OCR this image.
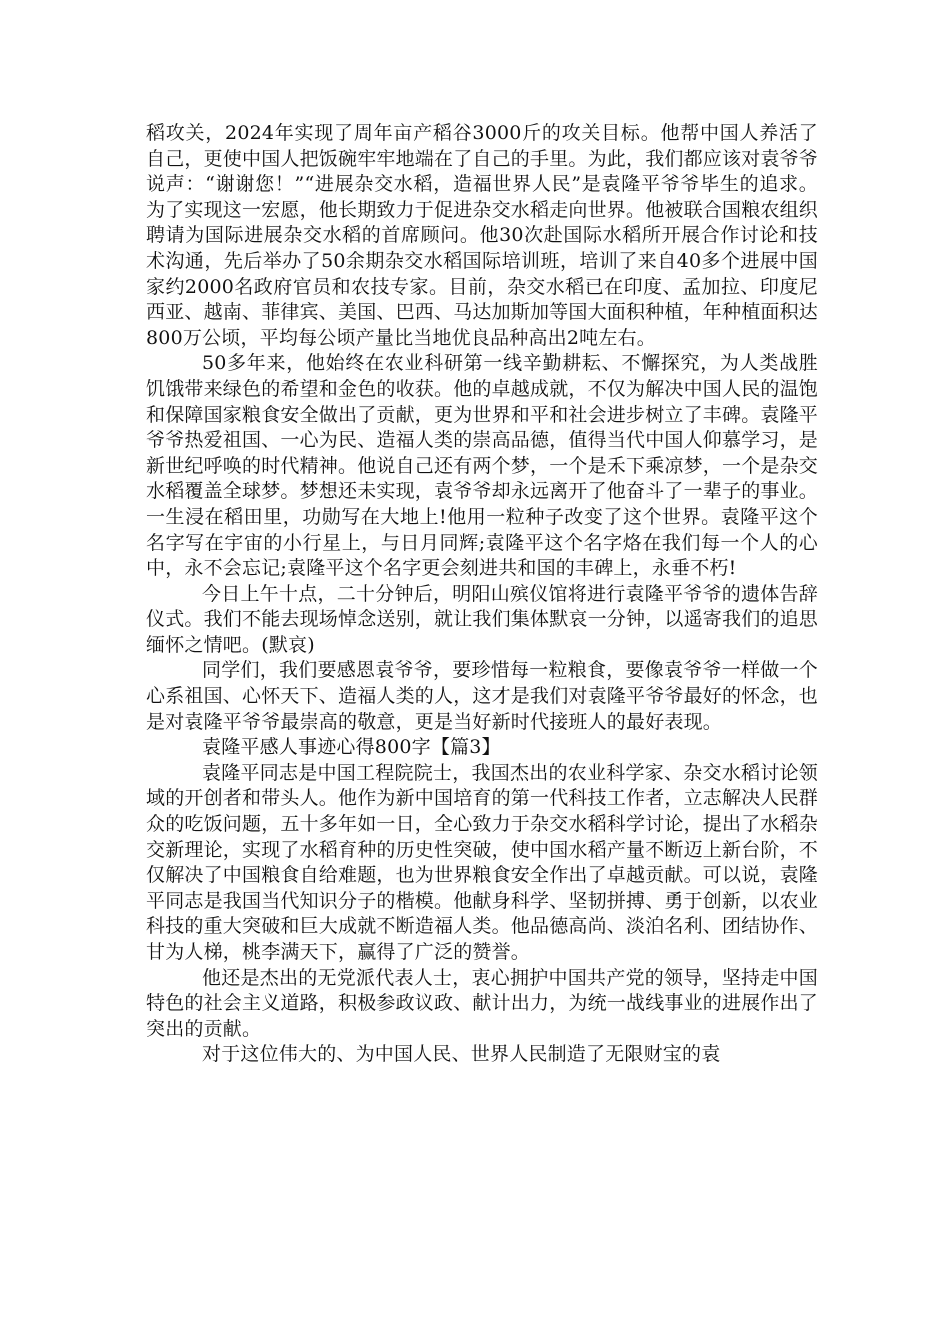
稻攻关，2024年实现了周年亩产稻谷3000斤的攻关目标。他帮中国人养活了自己，更使中国人把饭碗牢牢地端在了自己的手里。为此，我们都应该对袁爷爷说声：“谢谢您！”“进展杂交水稻，造福世界人民”是袁隆平爷爷毕生的追求。为了实现这一宏愿，他长期致力于促进杂交水稻走向世界。他被联合国粮农组织聘请为国际进展杂交水稻的首席顾问。他30次赴国际水稻所开展合作讨论和技术沟通，先后举办了50余期杂交水稻国际培训班，培训了来自40多个进展中国家约2000名政府官员和农技专家。目前，杂交水稻已在印度、孟加拉、印度尼西亚、越南、菲律宾、美国、巴西、马达加斯加等国大面积种植，年种植面积达800万公顷，平均每公顷产量比当地优良品种高出2吨左右。

50多年来，他始终在农业科研第一线辛勤耕耘、不懈探究，为人类战胜饥饿带来绿色的希望和金色的收获。他的卓越成就，不仅为解决中国人民的温饱和保障国家粮食安全做出了贡献，更为世界和平和社会进步树立了丰碑。袁隆平爷爷热爱祖国、一心为民、造福人类的崇高品德，值得当代中国人仰慕学习，是新世纪呼唤的时代精神。他说自己还有两个梦，一个是禾下乘凉梦，一个是杂交水稻覆盖全球梦。梦想还未实现，袁爷爷却永远离开了他奋斗了一辈子的事业。一生浸在稻田里，功勋写在大地上!他用一粒种子改变了这个世界。袁隆平这个名字写在宇宙的小行星上，与日月同辉;袁隆平这个名字烙在我们每一个人的心中，永不会忘记;袁隆平这个名字更会刻进共和国的丰碑上，永垂不朽!

今日上午十点，二十分钟后，明阳山殡仪馆将进行袁隆平爷爷的遗体告辞仪式。我们不能去现场悼念送别，就让我们集体默哀一分钟，以遥寄我们的追思缅怀之情吧。(默哀)

同学们，我们要感恩袁爷爷，要珍惜每一粒粮食，要像袁爷爷一样做一个心系祖国、心怀天下、造福人类的人，这才是我们对袁隆平爷爷最好的怀念，也是对袁隆平爷爷最崇高的敬意，更是当好新时代接班人的最好表现。

袁隆平感人事迹心得800字【篇3】

袁隆平同志是中国工程院院士，我国杰出的农业科学家、杂交水稻讨论领域的开创者和带头人。他作为新中国培育的第一代科技工作者，立志解决人民群众的吃饭问题，五十多年如一日，全心致力于杂交水稻科学讨论，提出了水稻杂交新理论，实现了水稻育种的历史性突破，使中国水稻产量不断迈上新台阶，不仅解决了中国粮食自给难题，也为世界粮食安全作出了卓越贡献。可以说，袁隆平同志是我国当代知识分子的楷模。他献身科学、坚韧拼搏、勇于创新，以农业科技的重大突破和巨大成就不断造福人类。他品德高尚、淡泊名利、团结协作、甘为人梯，桃李满天下，赢得了广泛的赞誉。

他还是杰出的无党派代表人士，衷心拥护中国共产党的领导，坚持走中国特色的社会主义道路，积极参政议政、献计出力，为统一战线事业的进展作出了突出的贡献。

对于这位伟大的、为中国人民、世界人民制造了无限财宝的袁
